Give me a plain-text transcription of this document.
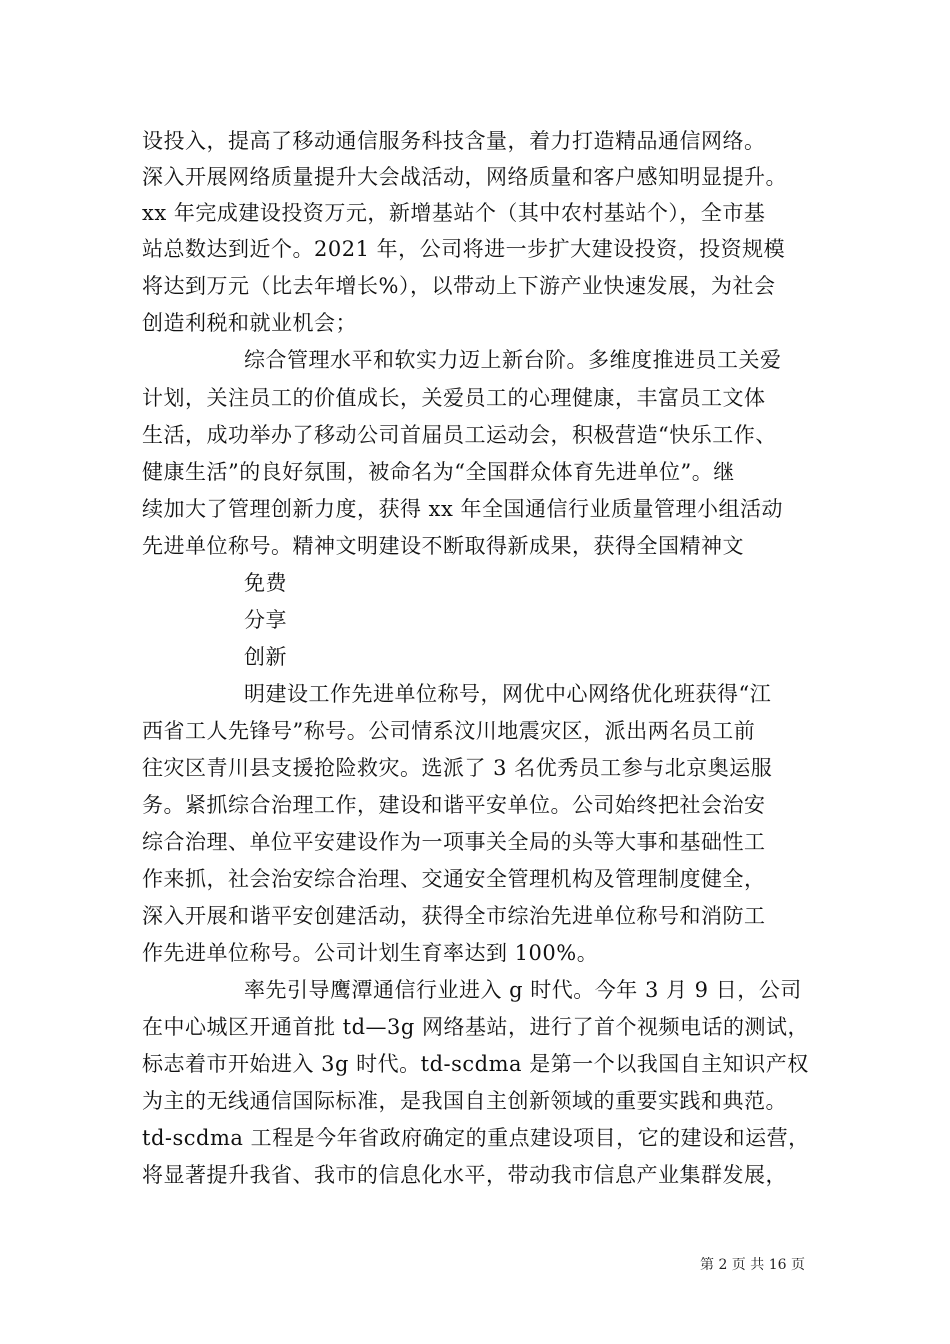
设投入，提高了移动通信服务科技含量，着力打造精品通信网络。
深入开展网络质量提升大会战活动，网络质量和客户感知明显提升。
xx 年完成建设投资万元，新增基站个（其中农村基站个），全市基
站总数达到近个。2021 年，公司将进一步扩大建设投资，投资规模
将达到万元（比去年增长%），以带动上下游产业快速发展，为社会
创造利税和就业机会；
综合管理水平和软实力迈上新台阶。多维度推进员工关爱
计划，关注员工的价值成长，关爱员工的心理健康，丰富员工文体
生活，成功举办了移动公司首届员工运动会，积极营造“快乐工作、
健康生活”的良好氛围，被命名为“全国群众体育先进单位”。继
续加大了管理创新力度，获得 xx 年全国通信行业质量管理小组活动
先进单位称号。精神文明建设不断取得新成果，获得全国精神文
免费
分享
创新
明建设工作先进单位称号，网优中心网络优化班获得“江
西省工人先锋号”称号。公司情系汶川地震灾区，派出两名员工前
往灾区青川县支援抢险救灾。选派了 3 名优秀员工参与北京奥运服
务。紧抓综合治理工作，建设和谐平安单位。公司始终把社会治安
综合治理、单位平安建设作为一项事关全局的头等大事和基础性工
作来抓，社会治安综合治理、交通安全管理机构及管理制度健全，
深入开展和谐平安创建活动，获得全市综治先进单位称号和消防工
作先进单位称号。公司计划生育率达到 100%。
率先引导鹰潭通信行业进入 g 时代。今年 3 月 9 日，公司
在中心城区开通首批 td—3g 网络基站，进行了首个视频电话的测试，
标志着市开始进入 3g 时代。td-scdma 是第一个以我国自主知识产权
为主的无线通信国际标准，是我国自主创新领域的重要实践和典范。
td-scdma 工程是今年省政府确定的重点建设项目，它的建设和运营，
将显著提升我省、我市的信息化水平，带动我市信息产业集群发展，
第 2 页 共 16 页
